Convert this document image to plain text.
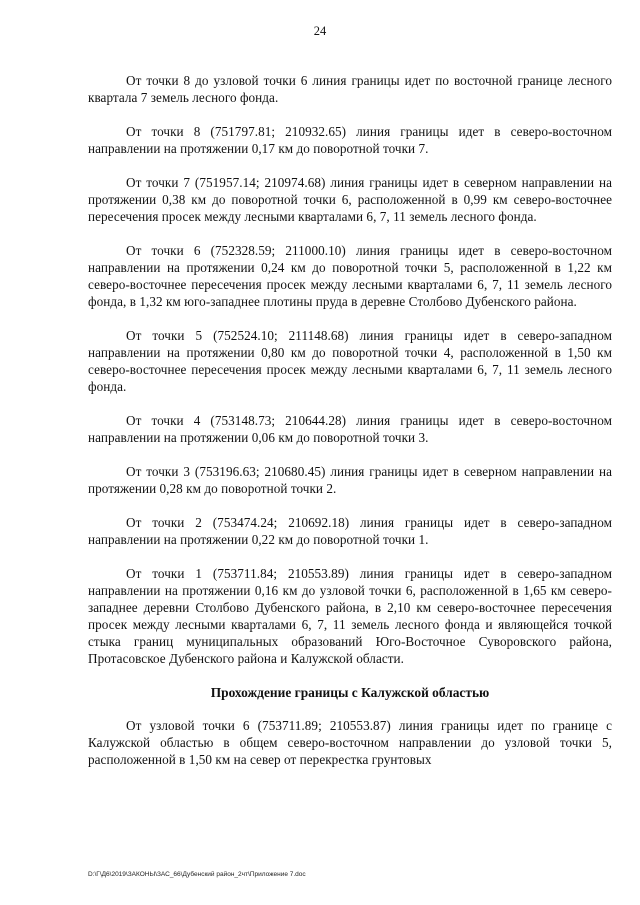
24

От точки 8 до узловой точки 6 линия границы идет по восточной границе лесного квартала 7 земель лесного фонда.

От точки 8 (751797.81; 210932.65) линия границы идет в северо-восточном направлении на протяжении 0,17 км до поворотной точки 7.

От точки 7 (751957.14; 210974.68) линия границы идет в северном направлении на протяжении 0,38 км до поворотной точки 6, расположенной в 0,99 км северо-восточнее пересечения просек между лесными кварталами 6, 7, 11 земель лесного фонда.

От точки 6 (752328.59; 211000.10) линия границы идет в северо-восточном направлении на протяжении 0,24 км до поворотной точки 5, расположенной в 1,22 км северо-восточнее пересечения просек между лесными кварталами 6, 7, 11 земель лесного фонда, в 1,32 км юго-западнее плотины пруда в деревне Столбово Дубенского района.

От точки 5 (752524.10; 211148.68) линия границы идет в северо-западном направлении на протяжении 0,80 км до поворотной точки 4, расположенной в 1,50 км северо-восточнее пересечения просек между лесными кварталами 6, 7, 11 земель лесного фонда.

От точки 4 (753148.73; 210644.28) линия границы идет в северо-восточном направлении на протяжении 0,06 км до поворотной точки 3.

От точки 3 (753196.63; 210680.45) линия границы идет в северном направлении на протяжении 0,28 км до поворотной точки 2.

От точки 2 (753474.24; 210692.18) линия границы идет в северо-западном направлении на протяжении 0,22 км до поворотной точки 1.

От точки 1 (753711.84; 210553.89) линия границы идет в северо-западном направлении на протяжении 0,16 км до узловой точки 6, расположенной в 1,65 км северо-западнее деревни Столбово Дубенского района, в 2,10 км северо-восточнее пересечения просек между лесными кварталами 6, 7, 11 земель лесного фонда и являющейся точкой стыка границ муниципальных образований Юго-Восточное Суворовского района, Протасовское Дубенского района и Калужской области.

Прохождение границы с Калужской областью

От узловой точки 6 (753711.89; 210553.87) линия границы идет по границе с Калужской областью в общем северо-восточном направлении до узловой точки 5, расположенной в 1,50 км на север от перекрестка грунтовых

D:\Г\Д6\2019\ЗАКОНЫ\ЗАС_66\Дубенский район_2чт\Приложение 7.doc
